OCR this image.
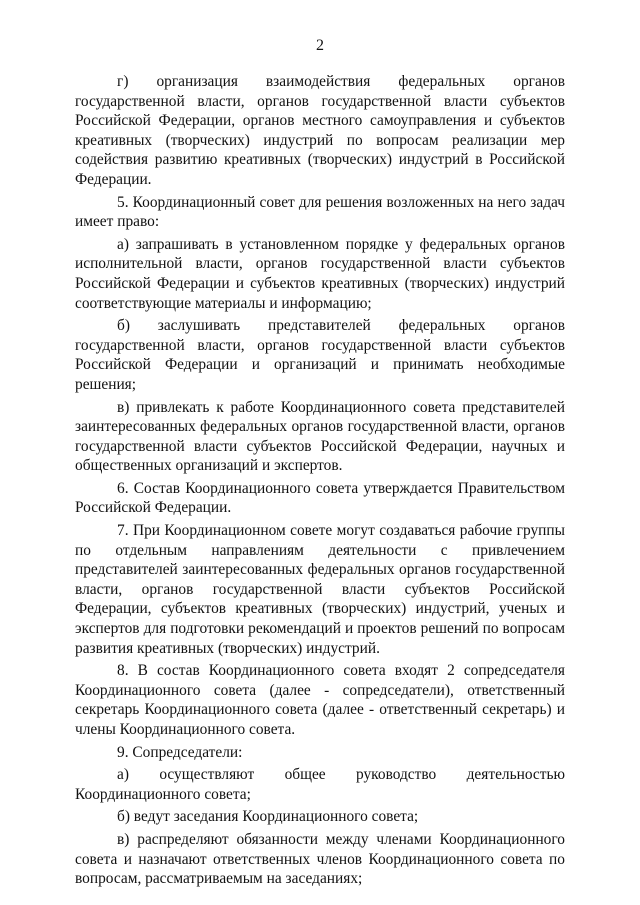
2

г) организация взаимодействия федеральных органов государственной власти, органов государственной власти субъектов Российской Федерации, органов местного самоуправления и субъектов креативных (творческих) индустрий по вопросам реализации мер содействия развитию креативных (творческих) индустрий в Российской Федерации.

5. Координационный совет для решения возложенных на него задач имеет право:

а) запрашивать в установленном порядке у федеральных органов исполнительной власти, органов государственной власти субъектов Российской Федерации и субъектов креативных (творческих) индустрий соответствующие материалы и информацию;

б) заслушивать представителей федеральных органов государственной власти, органов государственной власти субъектов Российской Федерации и организаций и принимать необходимые решения;

в) привлекать к работе Координационного совета представителей заинтересованных федеральных органов государственной власти, органов государственной власти субъектов Российской Федерации, научных и общественных организаций и экспертов.

6. Состав Координационного совета утверждается Правительством Российской Федерации.

7. При Координационном совете могут создаваться рабочие группы по отдельным направлениям деятельности с привлечением представителей заинтересованных федеральных органов государственной власти, органов государственной власти субъектов Российской Федерации, субъектов креативных (творческих) индустрий, ученых и экспертов для подготовки рекомендаций и проектов решений по вопросам развития креативных (творческих) индустрий.

8. В состав Координационного совета входят 2 сопредседателя Координационного совета (далее - сопредседатели), ответственный секретарь Координационного совета (далее - ответственный секретарь) и члены Координационного совета.

9. Сопредседатели:

а) осуществляют общее руководство деятельностью Координационного совета;

б) ведут заседания Координационного совета;

в) распределяют обязанности между членами Координационного совета и назначают ответственных членов Координационного совета по вопросам, рассматриваемым на заседаниях;
